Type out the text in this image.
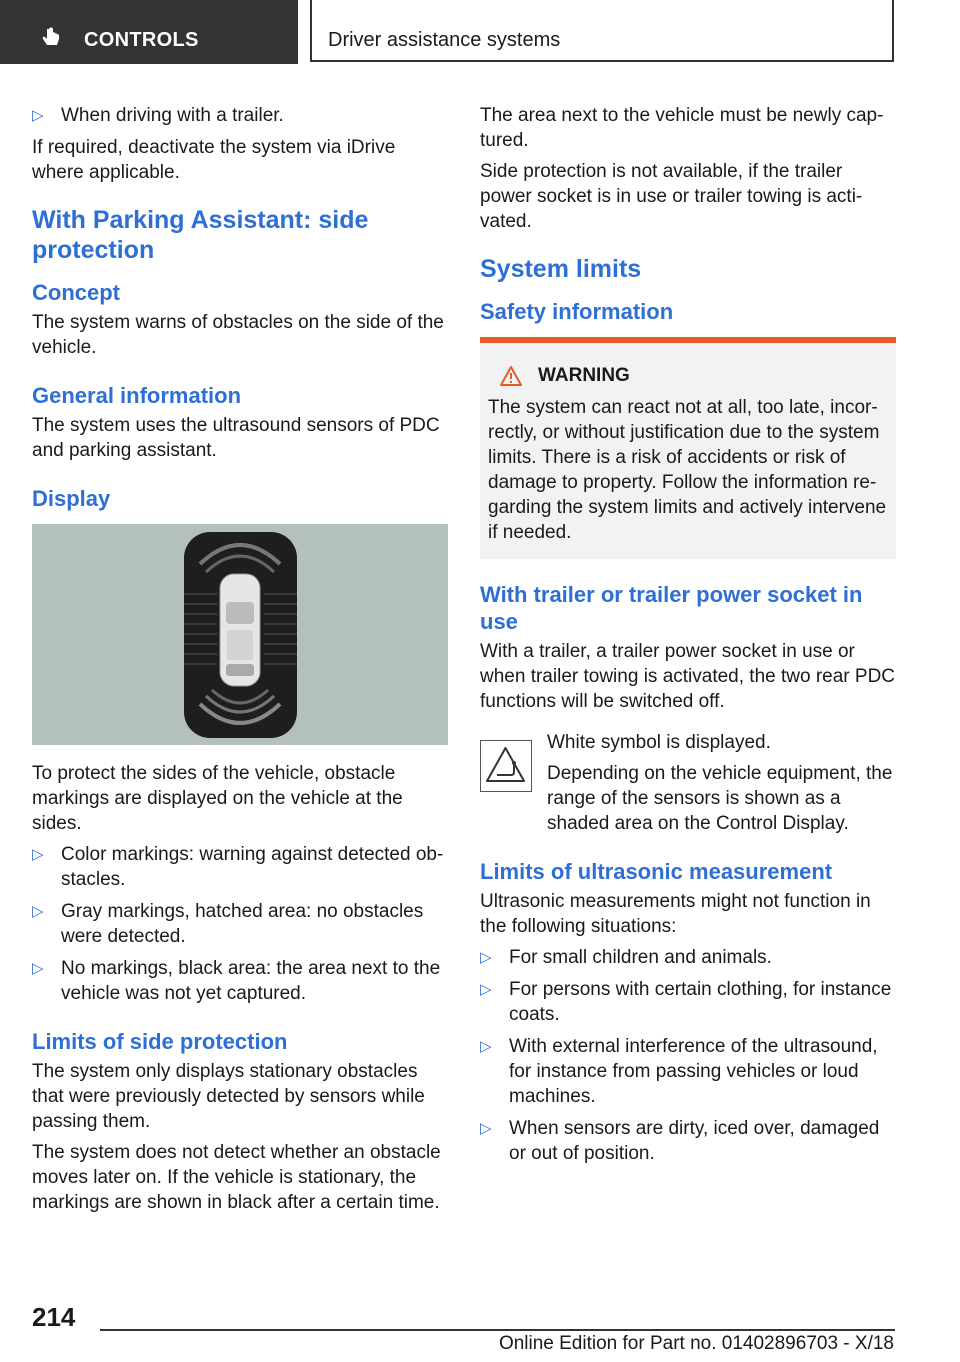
CONTROLS	Driver assistance systems
▷ When driving with a trailer.

If required, deactivate the system via iDrive where applicable.

With Parking Assistant: side protection
Concept

The system warns of obstacles on the side of the vehicle.

General information

The system uses the ultrasound sensors of PDC and parking assistant.

Display

To protect the sides of the vehicle, obstacle markings are displayed on the vehicle at the sides.

▷ Color markings: warning against detected ob‐stacles.
▷ Gray markings, hatched area: no obstacles were detected.
▷ No markings, black area: the area next to the vehicle was not yet captured.
Limits of side protection

The system only displays stationary obstacles that were previously detected by sensors while passing them.

The system does not detect whether an obstacle moves later on. If the vehicle is stationary, the markings are shown in black after a certain time.

The area next to the vehicle must be newly cap‐tured.

Side protection is not available, if the trailer power socket is in use or trailer towing is acti‐vated.

System limits
Safety information
WARNING

The system can react not at all, too late, incor‐rectly, or without justification due to the system limits. There is a risk of accidents or risk of damage to property. Follow the information re‐garding the system limits and actively intervene if needed.

With trailer or trailer power socket in use

With a trailer, a trailer power socket in use or when trailer towing is activated, the two rear PDC functions will be switched off.

White symbol is displayed.

Depending on the vehicle equipment, the range of the sensors is shown as a shaded area on the Control Display.

Limits of ultrasonic measurement

Ultrasonic measurements might not function in the following situations:

▷ For small children and animals.
▷ For persons with certain clothing, for instance coats.
▷ With external interference of the ultrasound, for instance from passing vehicles or loud machines.
▷ When sensors are dirty, iced over, damaged or out of position.
214
Online Edition for Part no. 01402896703 - X/18
